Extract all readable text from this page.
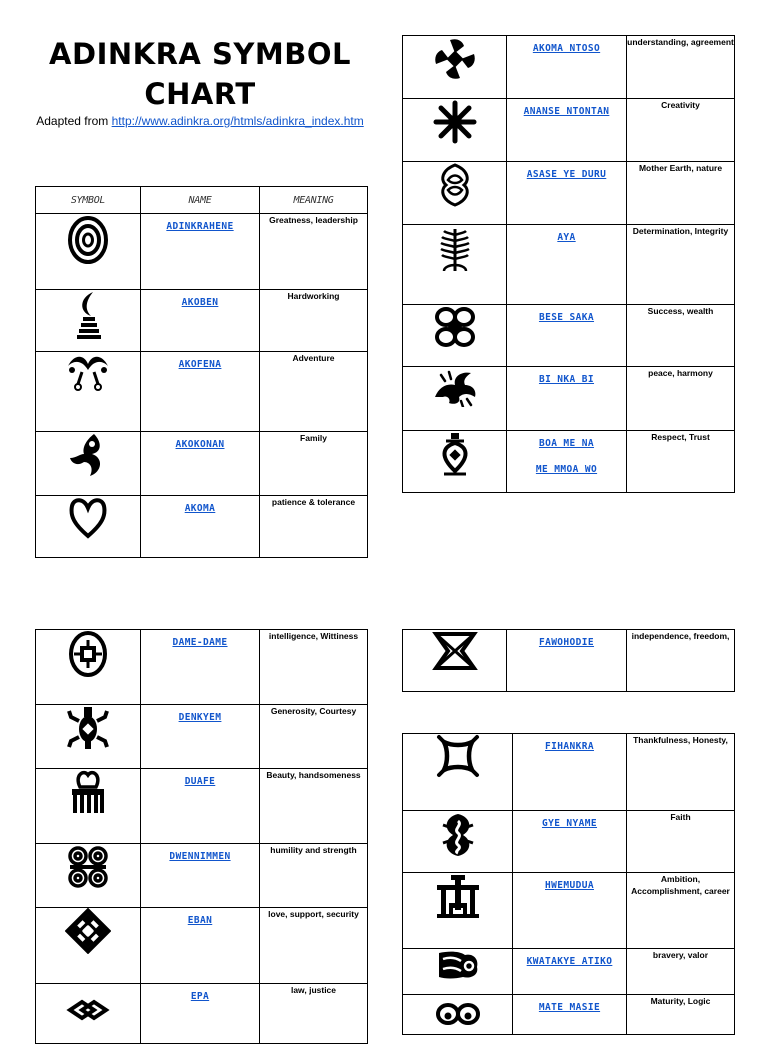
ADINKRA SYMBOL CHART
Adapted from http://www.adinkra.org/htmls/adinkra_index.htm
SYMBOL	NAME	MEANING

	ADINKRAHENE	Greatness, leadership

	AKOBEN	Hardworking

	AKOFENA	Adventure

	AKOKONAN	Family

	AKOMA	patience & tolerance
	AKOMA NTOSO	understanding, agreement

	ANANSE NTONTAN	Creativity

	ASASE YE DURU	Mother Earth, nature

	AYA	Determination, Integrity

	BESE SAKA	Success, wealth

	BI NKA BI	peace, harmony

	BOA ME NA
ME MMOA WO	Respect, Trust
	DAME-DAME	intelligence, Wittiness

	DENKYEM	Generosity, Courtesy

	DUAFE	Beauty, handsomeness

	DWENNIMMEN	humility and strength

	EBAN	love, support, security

	EPA	law, justice
	FAWOHODIE	independence, freedom,
	FIHANKRA	Thankfulness, Honesty,

	GYE NYAME	Faith

	HWEMUDUA	Ambition, Accomplishment, career

	KWATAKYE ATIKO	bravery, valor

	MATE MASIE	Maturity, Logic
